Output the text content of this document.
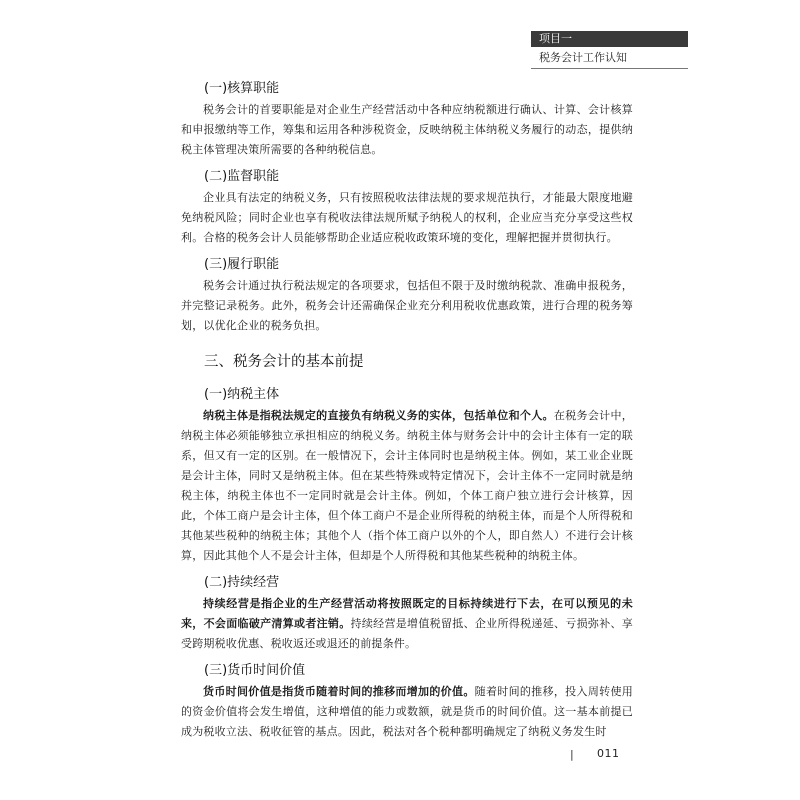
项目一
税务会计工作认知
(一)核算职能

税务会计的首要职能是对企业生产经营活动中各种应纳税额进行确认、计算、会计核算和申报缴纳等工作，筹集和运用各种涉税资金，反映纳税主体纳税义务履行的动态，提供纳税主体管理决策所需要的各种纳税信息。

(二)监督职能

企业具有法定的纳税义务，只有按照税收法律法规的要求规范执行，才能最大限度地避免纳税风险；同时企业也享有税收法律法规所赋予纳税人的权利，企业应当充分享受这些权利。合格的税务会计人员能够帮助企业适应税收政策环境的变化，理解把握并贯彻执行。

(三)履行职能

税务会计通过执行税法规定的各项要求，包括但不限于及时缴纳税款、准确申报税务，并完整记录税务。此外，税务会计还需确保企业充分利用税收优惠政策，进行合理的税务筹划，以优化企业的税务负担。

三、税务会计的基本前提
(一)纳税主体

纳税主体是指税法规定的直接负有纳税义务的实体，包括单位和个人。在税务会计中，纳税主体必须能够独立承担相应的纳税义务。纳税主体与财务会计中的会计主体有一定的联系，但又有一定的区别。在一般情况下，会计主体同时也是纳税主体。例如，某工业企业既是会计主体，同时又是纳税主体。但在某些特殊或特定情况下，会计主体不一定同时就是纳税主体，纳税主体也不一定同时就是会计主体。例如，个体工商户独立进行会计核算，因此，个体工商户是会计主体，但个体工商户不是企业所得税的纳税主体，而是个人所得税和其他某些税种的纳税主体；其他个人（指个体工商户以外的个人，即自然人）不进行会计核算，因此其他个人不是会计主体，但却是个人所得税和其他某些税种的纳税主体。

(二)持续经营

持续经营是指企业的生产经营活动将按照既定的目标持续进行下去，在可以预见的未来，不会面临破产清算或者注销。持续经营是增值税留抵、企业所得税递延、亏损弥补、享受跨期税收优惠、税收返还或退还的前提条件。

(三)货币时间价值

货币时间价值是指货币随着时间的推移而增加的价值。随着时间的推移，投入周转使用的资金价值将会发生增值，这种增值的能力或数额，就是货币的时间价值。这一基本前提已成为税收立法、税收征管的基点。因此，税法对各个税种都明确规定了纳税义务发生时

| 011
